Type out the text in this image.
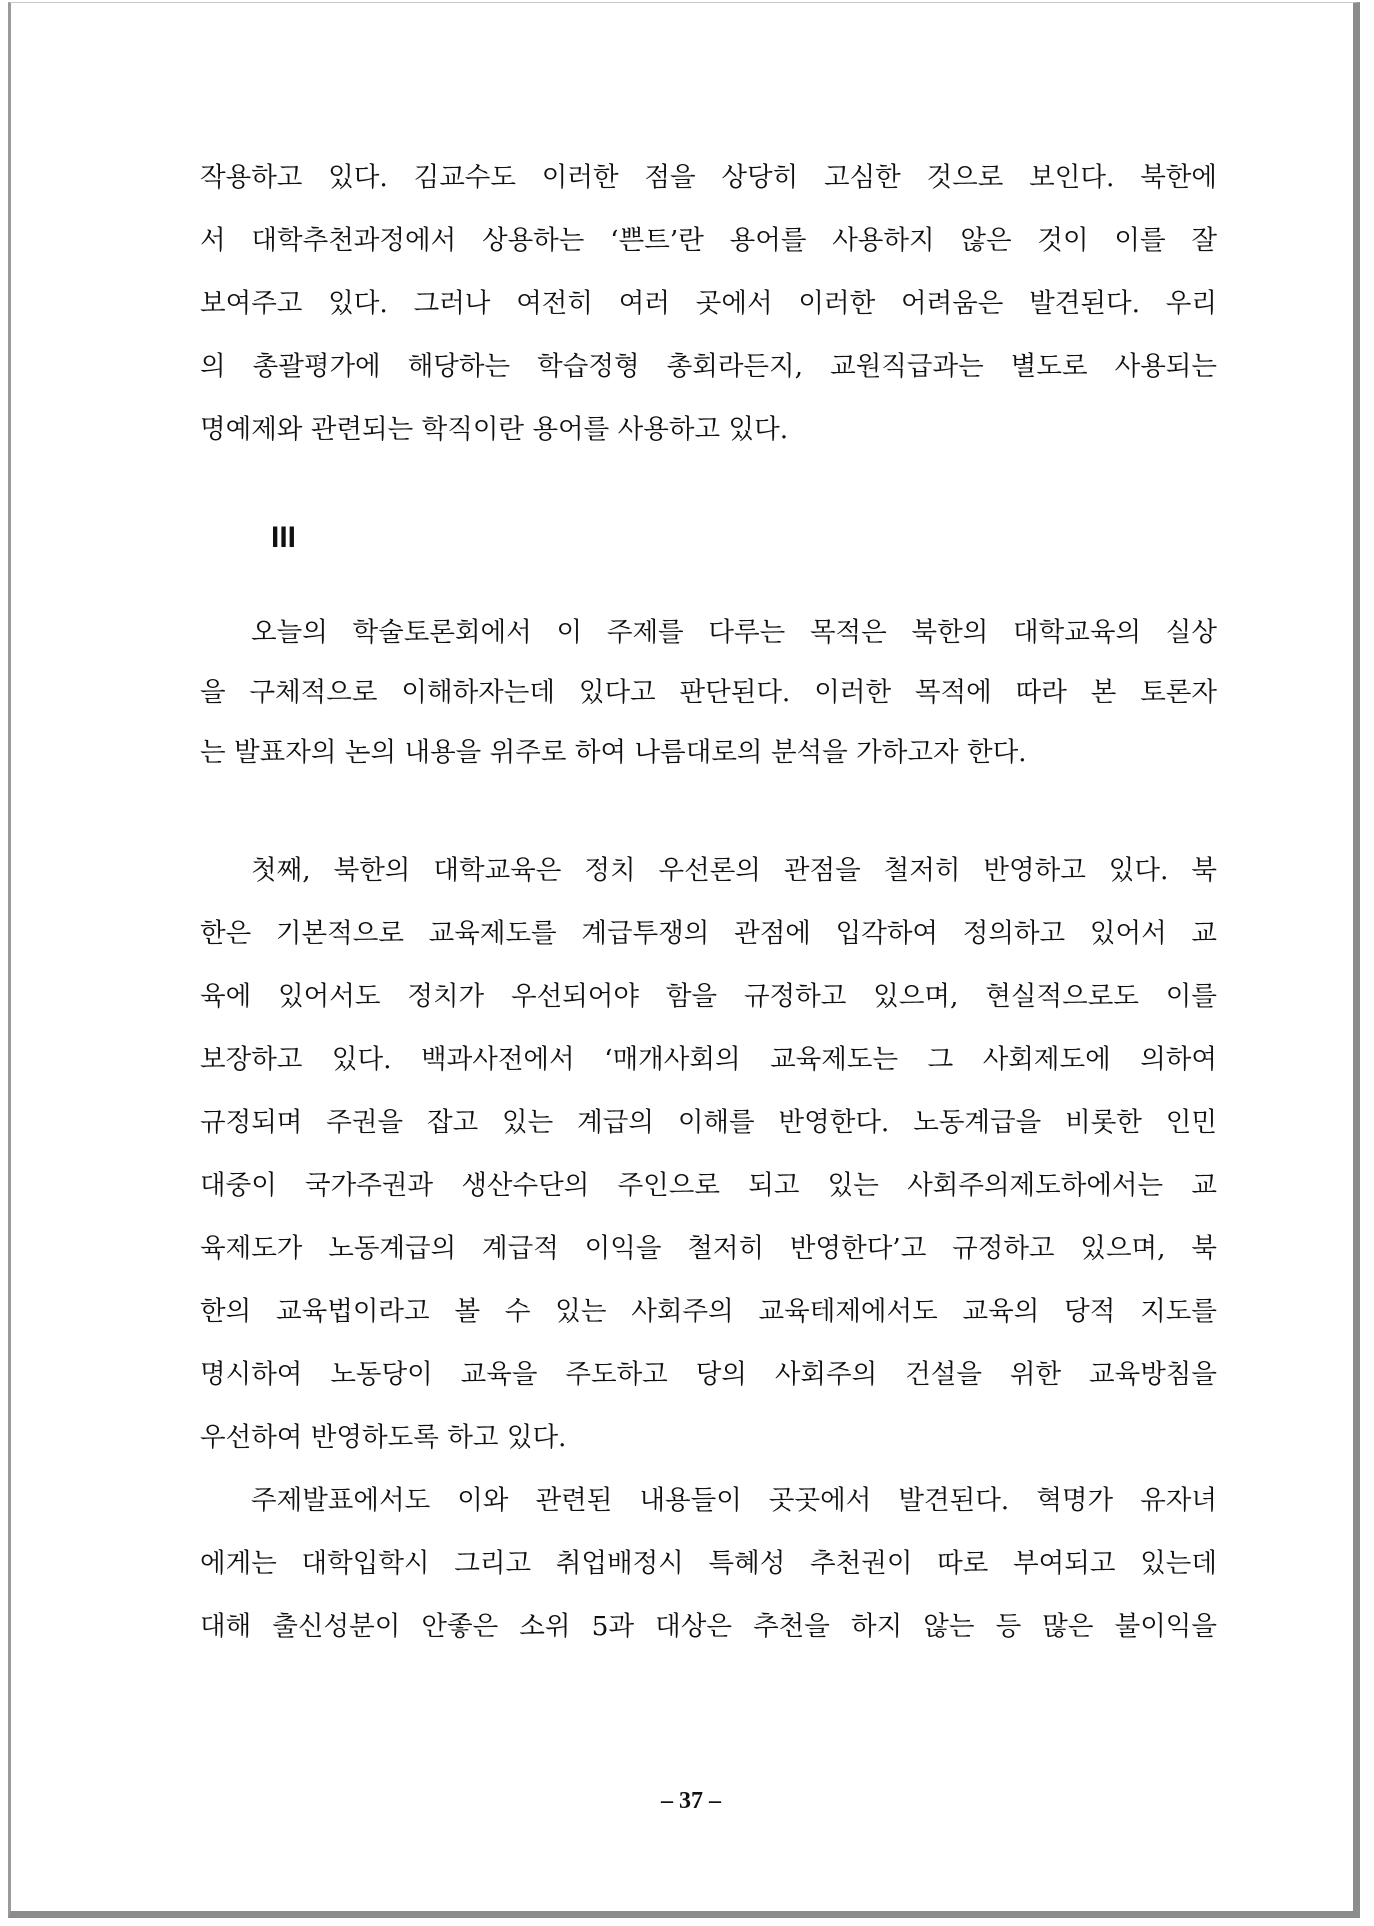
작용하고 있다. 김교수도 이러한 점을 상당히 고심한 것으로 보인다. 북한에
서 대학추천과정에서 상용하는 ‘쁜트’란 용어를 사용하지 않은 것이 이를 잘
보여주고 있다. 그러나 여전히 여러 곳에서 이러한 어려움은 발견된다. 우리
의 총괄평가에 해당하는 학습정형 총회라든지, 교원직급과는 별도로 사용되는
명예제와 관련되는 학직이란 용어를 사용하고 있다.
III
오늘의 학술토론회에서 이 주제를 다루는 목적은 북한의 대학교육의 실상
을 구체적으로 이해하자는데 있다고 판단된다. 이러한 목적에 따라 본 토론자
는 발표자의 논의 내용을 위주로 하여 나름대로의 분석을 가하고자 한다.
첫째, 북한의 대학교육은 정치 우선론의 관점을 철저히 반영하고 있다. 북
한은 기본적으로 교육제도를 계급투쟁의 관점에 입각하여 정의하고 있어서 교
육에 있어서도 정치가 우선되어야 함을 규정하고 있으며, 현실적으로도 이를
보장하고 있다. 백과사전에서 ‘매개사회의 교육제도는 그 사회제도에 의하여
규정되며 주권을 잡고 있는 계급의 이해를 반영한다. 노동계급을 비롯한 인민
대중이 국가주권과 생산수단의 주인으로 되고 있는 사회주의제도하에서는 교
육제도가 노동계급의 계급적 이익을 철저히 반영한다’고 규정하고 있으며, 북
한의 교육법이라고 볼 수 있는 사회주의 교육테제에서도 교육의 당적 지도를
명시하여 노동당이 교육을 주도하고 당의 사회주의 건설을 위한 교육방침을
우선하여 반영하도록 하고 있다.
주제발표에서도 이와 관련된 내용들이 곳곳에서 발견된다. 혁명가 유자녀
에게는 대학입학시 그리고 취업배정시 특혜성 추천권이 따로 부여되고 있는데
대해 출신성분이 안좋은 소위 5과 대상은 추천을 하지 않는 등 많은 불이익을
– 37 –
